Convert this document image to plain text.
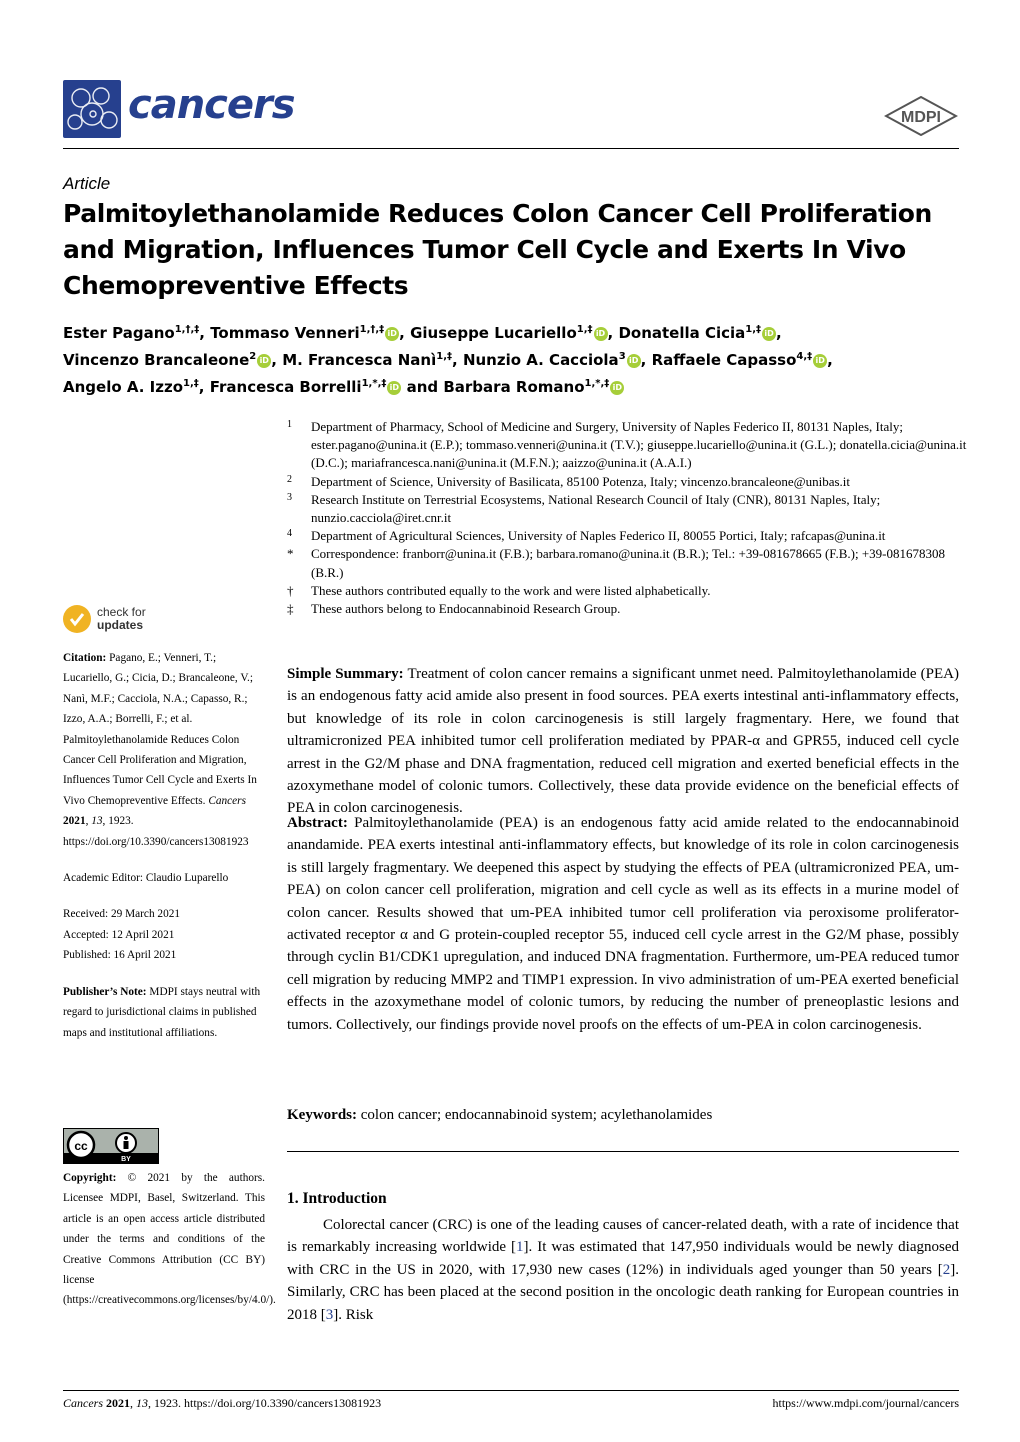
cancers	MDPI
Article
Palmitoylethanolamide Reduces Colon Cancer Cell Proliferation and Migration, Influences Tumor Cell Cycle and Exerts In Vivo Chemopreventive Effects
Ester Pagano$^{1,\dagger,\ddagger}$, Tommaso Venneri$^{1,\dagger,\ddagger}$ iD , Giuseppe Lucariello$^{1,\ddagger}$ iD , Donatella Cicia$^{1,\ddagger}$ iD ,
Vincenzo Brancaleone$^2$ iD , M. Francesca Nanì$^{1,\ddagger}$, Nunzio A. Cacciola$^3$ iD , Raffaele Capasso$^{4,\ddagger}$ iD ,
Angelo A. Izzo$^{1,\ddagger}$, Francesca Borrelli$^{1,*,\ddagger}$ iD and Barbara Romano$^{1,*,\ddagger}$ iD
1 Department of Pharmacy, School of Medicine and Surgery, University of Naples Federico II, 80131 Naples, Italy; ester.pagano@unina.it (E.P.); tommaso.venneri@unina.it (T.V.); giuseppe.lucariello@unina.it (G.L.); donatella.cicia@unina.it (D.C.); mariafrancesca.nani@unina.it (M.F.N.); aaizzo@unina.it (A.A.I.)
2 Department of Science, University of Basilicata, 85100 Potenza, Italy; vincenzo.brancaleone@unibas.it
3 Research Institute on Terrestrial Ecosystems, National Research Council of Italy (CNR), 80131 Naples, Italy; nunzio.cacciola@iret.cnr.it
4 Department of Agricultural Sciences, University of Naples Federico II, 80055 Portici, Italy; rafcapas@unina.it
* Correspondence: franborr@unina.it (F.B.); barbara.romano@unina.it (B.R.); Tel.: +39-081678665 (F.B.); +39-081678308 (B.R.)
† These authors contributed equally to the work and were listed alphabetically.
‡ These authors belong to Endocannabinoid Research Group.
check for
updates

Citation: Pagano, E.; Venneri, T.; Lucariello, G.; Cicia, D.; Brancaleone, V.; Nanì, M.F.; Cacciola, N.A.; Capasso, R.; Izzo, A.A.; Borrelli, F.; et al. Palmitoylethanolamide Reduces Colon Cancer Cell Proliferation and Migration, Influences Tumor Cell Cycle and Exerts In Vivo Chemopreventive Effects. Cancers 2021, 13, 1923. https://doi.org/10.3390/cancers13081923

Academic Editor: Claudio Luparello

Received: 29 March 2021

Accepted: 12 April 2021

Published: 16 April 2021

Publisher’s Note: MDPI stays neutral with regard to jurisdictional claims in published maps and institutional affiliations.

cc
BY
Copyright: © 2021 by the authors. Licensee MDPI, Basel, Switzerland. This article is an open access article distributed under the terms and conditions of the Creative Commons Attribution (CC BY) license (https://creativecommons.org/licenses/by/4.0/).
Simple Summary: Treatment of colon cancer remains a significant unmet need. Palmitoylethanolamide (PEA) is an endogenous fatty acid amide also present in food sources. PEA exerts intestinal anti-inflammatory effects, but knowledge of its role in colon carcinogenesis is still largely fragmentary. Here, we found that ultramicronized PEA inhibited tumor cell proliferation mediated by PPAR-α and GPR55, induced cell cycle arrest in the G2/M phase and DNA fragmentation, reduced cell migration and exerted beneficial effects in the azoxymethane model of colonic tumors. Collectively, these data provide evidence on the beneficial effects of PEA in colon carcinogenesis.
Abstract: Palmitoylethanolamide (PEA) is an endogenous fatty acid amide related to the endocannabinoid anandamide. PEA exerts intestinal anti-inflammatory effects, but knowledge of its role in colon carcinogenesis is still largely fragmentary. We deepened this aspect by studying the effects of PEA (ultramicronized PEA, um-PEA) on colon cancer cell proliferation, migration and cell cycle as well as its effects in a murine model of colon cancer. Results showed that um-PEA inhibited tumor cell proliferation via peroxisome proliferator-activated receptor α and G protein-coupled receptor 55, induced cell cycle arrest in the G2/M phase, possibly through cyclin B1/CDK1 upregulation, and induced DNA fragmentation. Furthermore, um-PEA reduced tumor cell migration by reducing MMP2 and TIMP1 expression. In vivo administration of um-PEA exerted beneficial effects in the azoxymethane model of colonic tumors, by reducing the number of preneoplastic lesions and tumors. Collectively, our findings provide novel proofs on the effects of um-PEA in colon carcinogenesis.
Keywords: colon cancer; endocannabinoid system; acylethanolamides
1. Introduction
Colorectal cancer (CRC) is one of the leading causes of cancer-related death, with a rate of incidence that is remarkably increasing worldwide [1]. It was estimated that 147,950 individuals would be newly diagnosed with CRC in the US in 2020, with 17,930 new cases (12%) in individuals aged younger than 50 years [2]. Similarly, CRC has been placed at the second position in the oncologic death ranking for European countries in 2018 [3]. Risk
Cancers 2021, 13, 1923. https://doi.org/10.3390/cancers13081923	https://www.mdpi.com/journal/cancers
